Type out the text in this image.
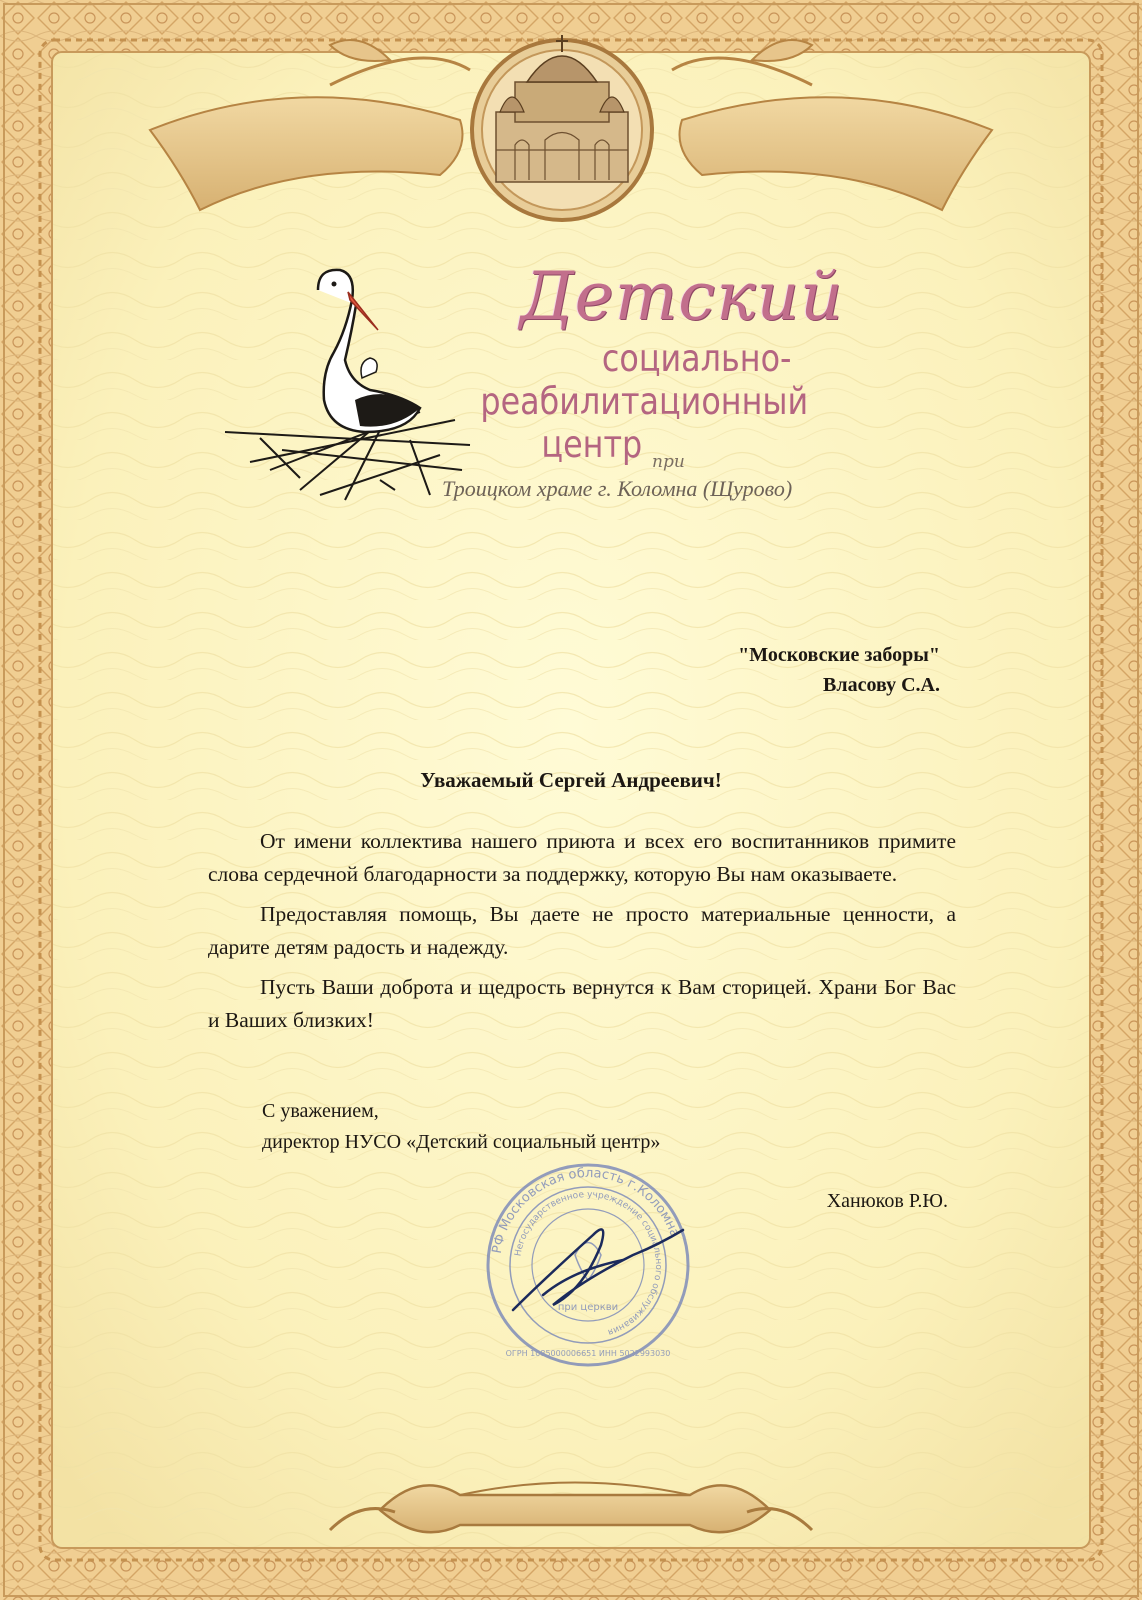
Детский
социально-
реабилитационный
центр при
Троицком храме г. Коломна (Щурово)
"Московские заборы"
Власову С.А.
Уважаемый Сергей Андреевич!

От имени коллектива нашего приюта и всех его воспитанников примите слова сердечной благодарности за поддержку, которую Вы нам оказываете.

Предоставляя помощь, Вы даете не просто материальные ценности, а дарите детям радость и надежду.

Пусть Ваши доброта и щедрость вернутся к Вам сторицей. Храни Бог Вас и Ваших близких!

С уважением,
директор НУСО «Детский социальный центр»
РФ Московская область г.Коломна
Негосударственное учреждение социального обслуживания
при церкви
ОГРН 1085000006651 ИНН 5022993030
Ханюков Р.Ю.
